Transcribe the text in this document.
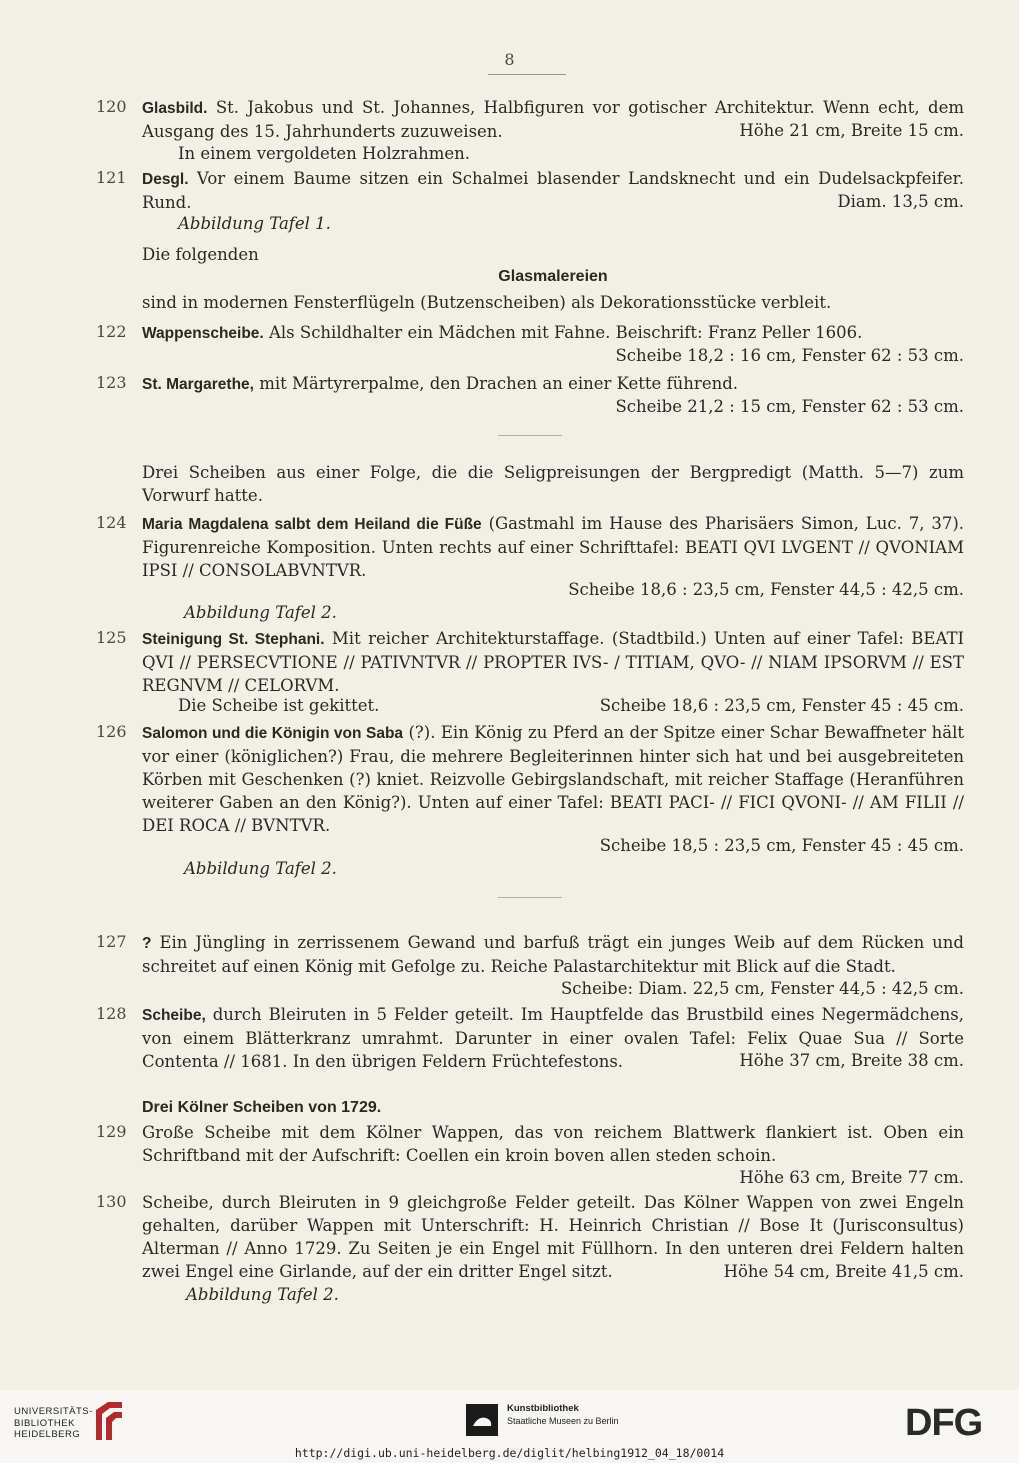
8
120 Glasbild. St. Jakobus und St. Johannes, Halbfiguren vor gotischer Architektur. Wenn echt, dem Ausgang des 15. Jahrhunderts zuzuweisen.	Höhe 21 cm, Breite 15 cm.
In einem vergoldeten Holzrahmen.
121 Desgl. Vor einem Baume sitzen ein Schalmei blasender Landsknecht und ein Dudelsackpfeifer. Rund.	Diam. 13,5 cm.
Abbildung Tafel 1.
Die folgenden
Glasmalereien
sind in modernen Fensterflügeln (Butzenscheiben) als Dekorationsstücke verbleit.
122 Wappenscheibe. Als Schildhalter ein Mädchen mit Fahne. Beischrift: Franz Peller 1606.
Scheibe 18,2 : 16 cm, Fenster 62 : 53 cm.
123 St. Margarethe, mit Märtyrerpalme, den Drachen an einer Kette führend.
Scheibe 21,2 : 15 cm, Fenster 62 : 53 cm.
Drei Scheiben aus einer Folge, die die Seligpreisungen der Bergpredigt (Matth. 5—7) zum Vorwurf hatte.
124 Maria Magdalena salbt dem Heiland die Füße (Gastmahl im Hause des Pharisäers Simon, Luc. 7, 37). Figurenreiche Komposition. Unten rechts auf einer Schrifttafel: BEATI QVI LVGENT // QVONIAM IPSI // CONSOLABVNTVR.
Scheibe 18,6 : 23,5 cm, Fenster 44,5 : 42,5 cm.
Abbildung Tafel 2.
125 Steinigung St. Stephani. Mit reicher Architekturstaffage. (Stadtbild.) Unten auf einer Tafel: BEATI QVI // PERSECVTIONE // PATIVNTVR // PROPTER IVS- / TITIAM, QVO- // NIAM IPSORVM // EST REGNVM // CELORVM.
Die Scheibe ist gekittet.	Scheibe 18,6 : 23,5 cm, Fenster 45 : 45 cm.
126 Salomon und die Königin von Saba (?). Ein König zu Pferd an der Spitze einer Schar Bewaffneter hält vor einer (königlichen?) Frau, die mehrere Begleiterinnen hinter sich hat und bei ausgebreiteten Körben mit Geschenken (?) kniet. Reizvolle Gebirgslandschaft, mit reicher Staffage (Heranführen weiterer Gaben an den König?). Unten auf einer Tafel: BEATI PACI- // FICI QVONI- // AM FILII // DEI ROCA // BVNTVR.
Scheibe 18,5 : 23,5 cm, Fenster 45 : 45 cm.
Abbildung Tafel 2.
127 ? Ein Jüngling in zerrissenem Gewand und barfuß trägt ein junges Weib auf dem Rücken und schreitet auf einen König mit Gefolge zu. Reiche Palastarchitektur mit Blick auf die Stadt.
Scheibe: Diam. 22,5 cm, Fenster 44,5 : 42,5 cm.
128 Scheibe, durch Bleiruten in 5 Felder geteilt. Im Hauptfelde das Brustbild eines Negermädchens, von einem Blätterkranz umrahmt. Darunter in einer ovalen Tafel: Felix Quae Sua // Sorte Contenta // 1681. In den übrigen Feldern Früchtefestons.	Höhe 37 cm, Breite 38 cm.
Drei Kölner Scheiben von 1729.
129 Große Scheibe mit dem Kölner Wappen, das von reichem Blattwerk flankiert ist. Oben ein Schriftband mit der Aufschrift: Coellen ein kroin boven allen steden schoin.
Höhe 63 cm, Breite 77 cm.
130 Scheibe, durch Bleiruten in 9 gleichgroße Felder geteilt. Das Kölner Wappen von zwei Engeln gehalten, darüber Wappen mit Unterschrift: H. Heinrich Christian // Bose It (Jurisconsultus) Alterman // Anno 1729. Zu Seiten je ein Engel mit Füllhorn. In den unteren drei Feldern halten zwei Engel eine Girlande, auf der ein dritter Engel sitzt.	Höhe 54 cm, Breite 41,5 cm.
Abbildung Tafel 2.
UNIVERSITÄTS-
BIBLIOTHEK
HEIDELBERG
Kunstbibliothek
Staatliche Museen zu Berlin	DFG
http://digi.ub.uni-heidelberg.de/diglit/helbing1912_04_18/0014
